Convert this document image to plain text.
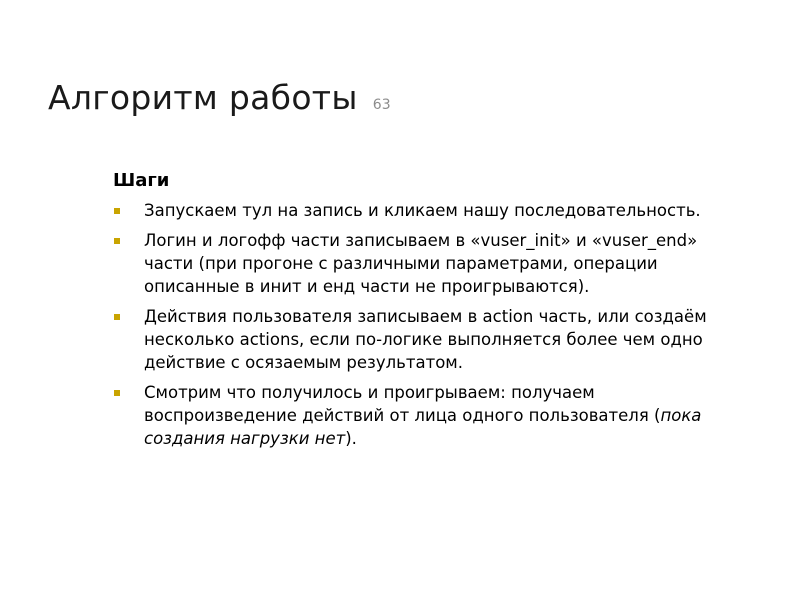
Алгоритм работы 63
Шаги
Запускаем тул на запись и кликаем нашу последовательность.
Логин и логофф части записываем в «vuser_init» и «vuser_end» части (при прогоне с различными параметрами, операции описанные в инит и енд части не проигрываются).
Действия пользователя записываем в action часть, или создаём несколько actions, если по-логике выполняется более чем одно действие с осязаемым результатом.
Смотрим что получилось и проигрываем: получаем воспроизведение действий от лица одного пользователя (пока создания нагрузки нет).
